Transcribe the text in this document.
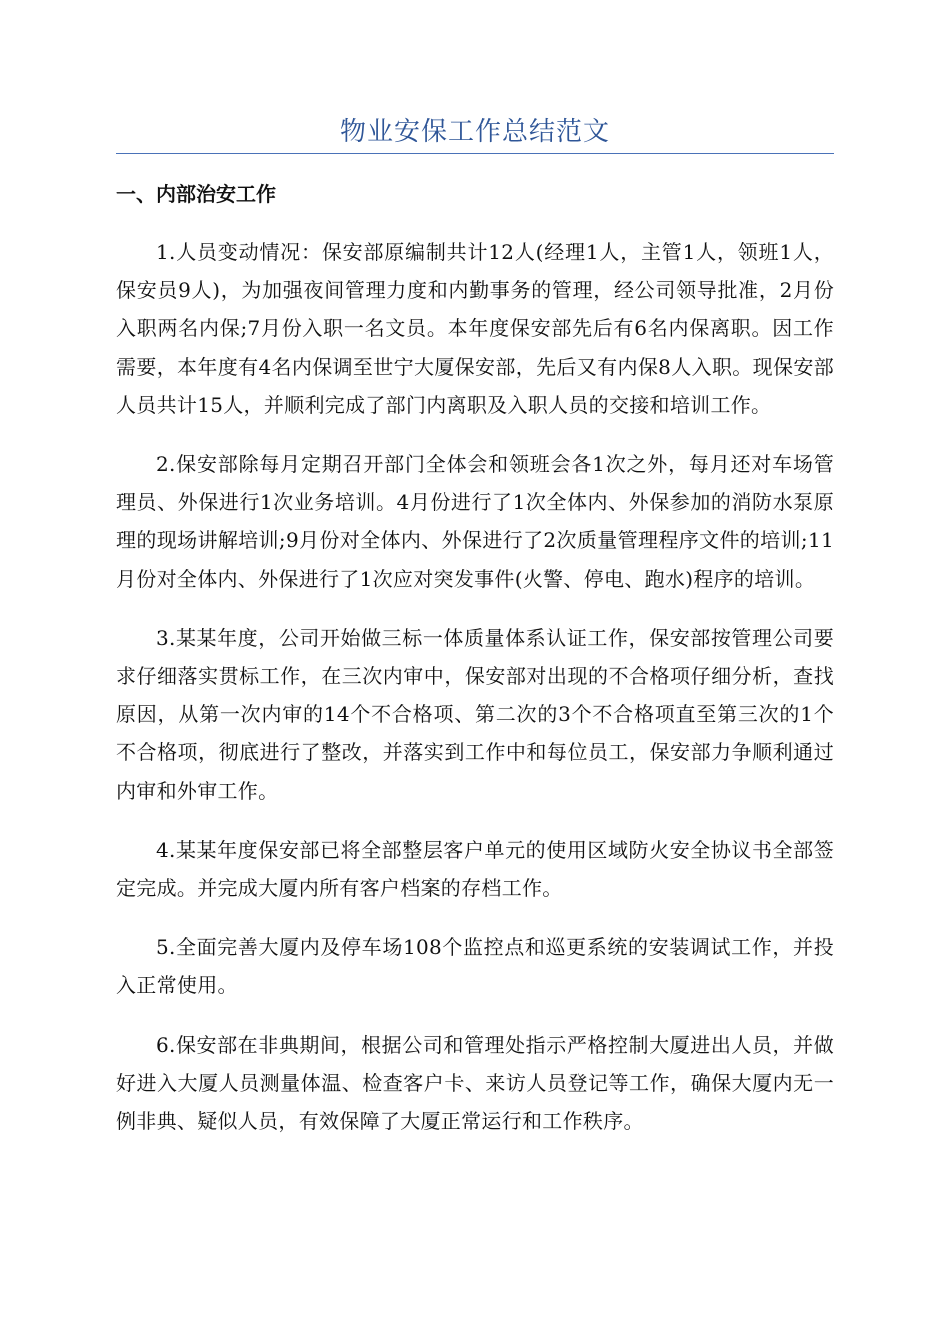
物业安保工作总结范文
一、内部治安工作

1.人员变动情况：保安部原编制共计12人(经理1人，主管1人，领班1人，保安员9人)，为加强夜间管理力度和内勤事务的管理，经公司领导批准，2月份入职两名内保;7月份入职一名文员。本年度保安部先后有6名内保离职。因工作需要，本年度有4名内保调至世宁大厦保安部，先后又有内保8人入职。现保安部人员共计15人，并顺利完成了部门内离职及入职人员的交接和培训工作。

2.保安部除每月定期召开部门全体会和领班会各1次之外，每月还对车场管理员、外保进行1次业务培训。4月份进行了1次全体内、外保参加的消防水泵原理的现场讲解培训;9月份对全体内、外保进行了2次质量管理程序文件的培训;11月份对全体内、外保进行了1次应对突发事件(火警、停电、跑水)程序的培训。

3.某某年度，公司开始做三标一体质量体系认证工作，保安部按管理公司要求仔细落实贯标工作，在三次内审中，保安部对出现的不合格项仔细分析，查找原因，从第一次内审的14个不合格项、第二次的3个不合格项直至第三次的1个不合格项，彻底进行了整改，并落实到工作中和每位员工，保安部力争顺利通过内审和外审工作。

4.某某年度保安部已将全部整层客户单元的使用区域防火安全协议书全部签定完成。并完成大厦内所有客户档案的存档工作。

5.全面完善大厦内及停车场108个监控点和巡更系统的安装调试工作，并投入正常使用。

6.保安部在非典期间，根据公司和管理处指示严格控制大厦进出人员，并做好进入大厦人员测量体温、检查客户卡、来访人员登记等工作，确保大厦内无一例非典、疑似人员，有效保障了大厦正常运行和工作秩序。
